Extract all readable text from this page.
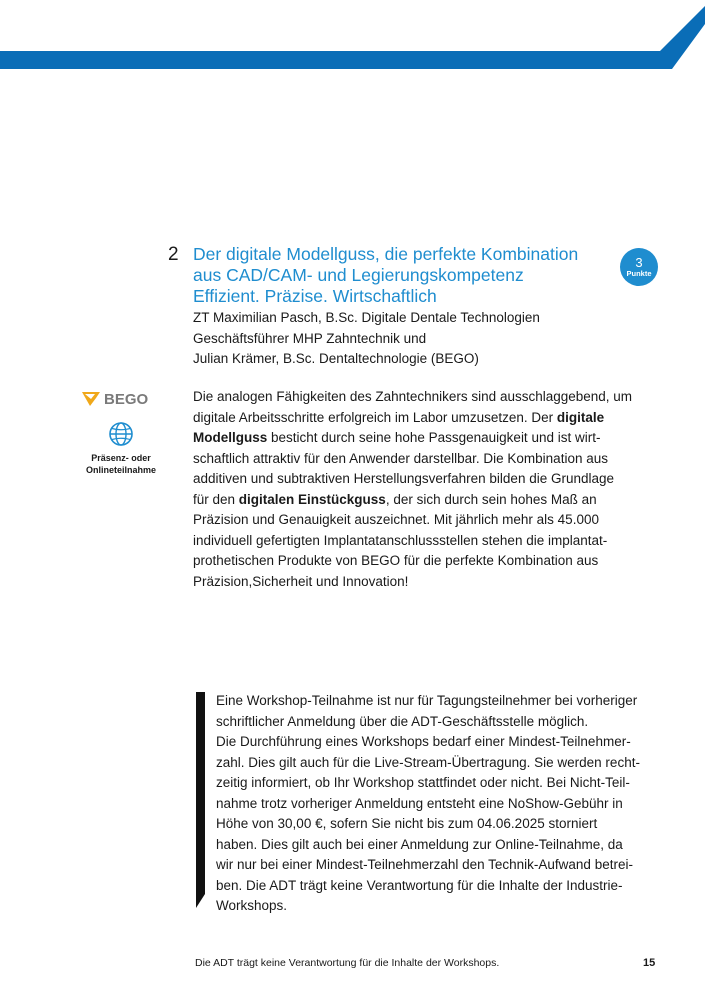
2 Der digitale Modellguss, die perfekte Kombination
aus CAD/CAM- und Legierungskompetenz
Effizient. Präzise. Wirtschaftlich
3
Punkte
ZT Maximilian Pasch, B.Sc. Digitale Dentale Technologien
Geschäftsführer MHP Zahntechnik und
Julian Krämer, B.Sc. Dentaltechnologie (BEGO)
BEGO
Präsenz- oder
Onlineteilnahme
Die analogen Fähigkeiten des Zahntechnikers sind ausschlaggebend, um
digitale Arbeitsschritte erfolgreich im Labor umzusetzen. Der digitale
Modellguss besticht durch seine hohe Passgenauigkeit und ist wirt-
schaftlich attraktiv für den Anwender darstellbar. Die Kombination aus
additiven und subtraktiven Herstellungsverfahren bilden die Grundlage
für den digitalen Einstückguss, der sich durch sein hohes Maß an
Präzision und Genauigkeit auszeichnet. Mit jährlich mehr als 45.000
individuell gefertigten Implantatanschlussstellen stehen die implantat-
prothetischen Produkte von BEGO für die perfekte Kombination aus
Präzision,Sicherheit und Innovation!
Eine Workshop-Teilnahme ist nur für Tagungsteilnehmer bei vorheriger
schriftlicher Anmeldung über die ADT-Geschäftsstelle möglich.
Die Durchführung eines Workshops bedarf einer Mindest-Teilnehmer-
zahl. Dies gilt auch für die Live-Stream-Übertragung. Sie werden recht-
zeitig informiert, ob Ihr Workshop stattfindet oder nicht. Bei Nicht-Teil-
nahme trotz vorheriger Anmeldung entsteht eine NoShow-Gebühr in
Höhe von 30,00 €, sofern Sie nicht bis zum 04.06.2025 storniert
haben. Dies gilt auch bei einer Anmeldung zur Online-Teilnahme, da
wir nur bei einer Mindest-Teilnehmerzahl den Technik-Aufwand betrei-
ben. Die ADT trägt keine Verantwortung für die Inhalte der Industrie-
Workshops.
Die ADT trägt keine Verantwortung für die Inhalte der Workshops.	15
